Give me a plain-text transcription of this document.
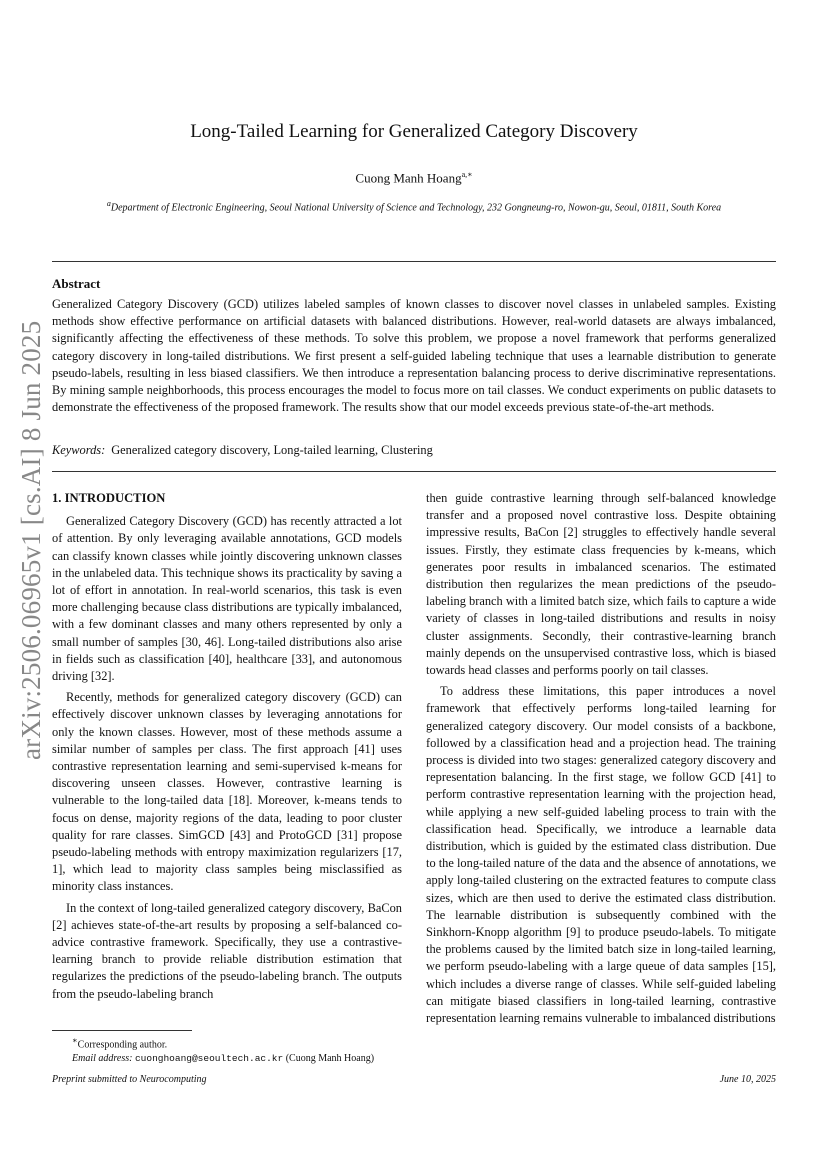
arXiv:2506.06965v1 [cs.AI] 8 Jun 2025
Long-Tailed Learning for Generalized Category Discovery
Cuong Manh Hoang$^{a,∗}$
$^a$Department of Electronic Engineering, Seoul National University of Science and Technology, 232 Gongneung-ro, Nowon-gu, Seoul, 01811, South Korea
Abstract
Generalized Category Discovery (GCD) utilizes labeled samples of known classes to discover novel classes in unlabeled samples. Existing methods show effective performance on artificial datasets with balanced distributions. However, real-world datasets are always imbalanced, significantly affecting the effectiveness of these methods. To solve this problem, we propose a novel framework that performs generalized category discovery in long-tailed distributions. We first present a self-guided labeling technique that uses a learnable distribution to generate pseudo-labels, resulting in less biased classifiers. We then introduce a representation balancing process to derive discriminative representations. By mining sample neighborhoods, this process encourages the model to focus more on tail classes. We conduct experiments on public datasets to demonstrate the effectiveness of the proposed framework. The results show that our model exceeds previous state-of-the-art methods.
Keywords: Generalized category discovery, Long-tailed learning, Clustering
1. INTRODUCTION

Generalized Category Discovery (GCD) has recently attracted a lot of attention. By only leveraging available annotations, GCD models can classify known classes while jointly discovering unknown classes in the unlabeled data. This technique shows its practicality by saving a lot of effort in annotation. In real-world scenarios, this task is even more challenging because class distributions are typically imbalanced, with a few dominant classes and many others represented by only a small number of samples [30, 46]. Long-tailed distributions also arise in fields such as classification [40], healthcare [33], and autonomous driving [32].

Recently, methods for generalized category discovery (GCD) can effectively discover unknown classes by leveraging annotations for only the known classes. However, most of these methods assume a similar number of samples per class. The first approach [41] uses contrastive representation learning and semi-supervised k-means for discovering unseen classes. However, contrastive learning is vulnerable to the long-tailed data [18]. Moreover, k-means tends to focus on dense, majority regions of the data, leading to poor cluster quality for rare classes. SimGCD [43] and ProtoGCD [31] propose pseudo-labeling methods with entropy maximization regularizers [17, 1], which lead to majority class samples being misclassified as minority class instances.

In the context of long-tailed generalized category discovery, BaCon [2] achieves state-of-the-art results by proposing a self-balanced co-advice contrastive framework. Specifically, they use a contrastive-learning branch to provide reliable distribution estimation that regularizes the predictions of the pseudo-labeling branch. The outputs from the pseudo-labeling branch

then guide contrastive learning through self-balanced knowledge transfer and a proposed novel contrastive loss. Despite obtaining impressive results, BaCon [2] struggles to effectively handle several issues. Firstly, they estimate class frequencies by k-means, which generates poor results in imbalanced scenarios. The estimated distribution then regularizes the mean predictions of the pseudo-labeling branch with a limited batch size, which fails to capture a wide variety of classes in long-tailed distributions and results in noisy cluster assignments. Secondly, their contrastive-learning branch mainly depends on the unsupervised contrastive loss, which is biased towards head classes and performs poorly on tail classes.

To address these limitations, this paper introduces a novel framework that effectively performs long-tailed learning for generalized category discovery. Our model consists of a backbone, followed by a classification head and a projection head. The training process is divided into two stages: generalized category discovery and representation balancing. In the first stage, we follow GCD [41] to perform contrastive representation learning with the projection head, while applying a new self-guided labeling process to train with the classification head. Specifically, we introduce a learnable data distribution, which is guided by the estimated class distribution. Due to the long-tailed nature of the data and the absence of annotations, we apply long-tailed clustering on the extracted features to compute class sizes, which are then used to derive the estimated class distribution. The learnable distribution is subsequently combined with the Sinkhorn-Knopp algorithm [9] to produce pseudo-labels. To mitigate the problems caused by the limited batch size in long-tailed learning, we perform pseudo-labeling with a large queue of data samples [15], which includes a diverse range of classes. While self-guided labeling can mitigate biased classifiers in long-tailed learning, contrastive representation learning remains vulnerable to imbalanced distributions

∗Corresponding author.
Email address: cuonghoang@seoultech.ac.kr (Cuong Manh Hoang)
Preprint submitted to Neurocomputing	June 10, 2025
